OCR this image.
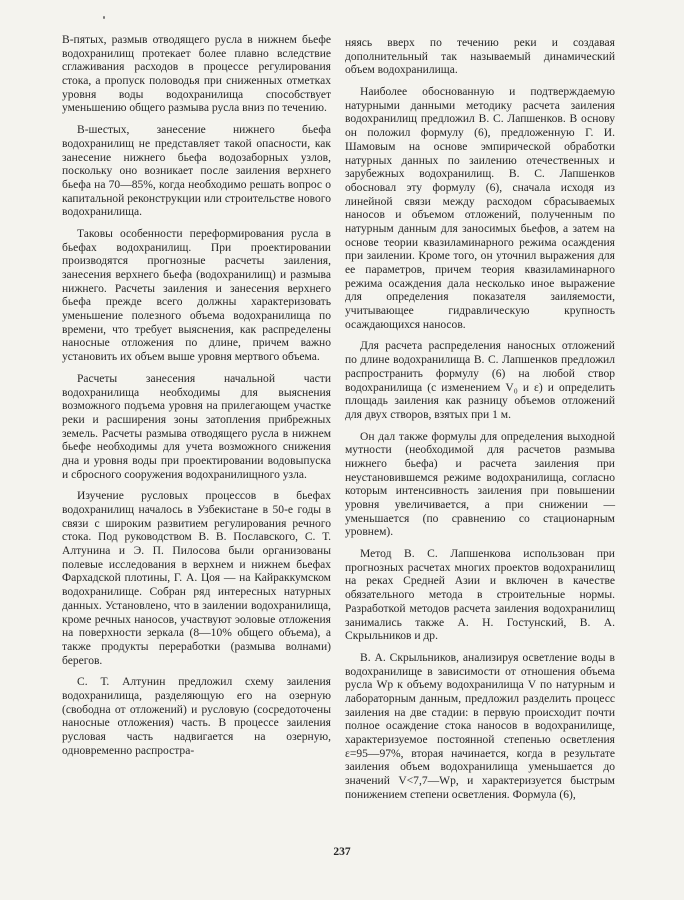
В-пятых, размыв отводящего русла в нижнем бьефе водохранилищ протекает более плавно вследствие сглаживания расходов в процессе регулирования стока, а пропуск половодья при сниженных отметках уровня воды водохранилища способствует уменьшению общего размыва русла вниз по течению.

В-шестых, занесение нижнего бьефа водохранилищ не представляет такой опасности, как занесение нижнего бьефа водозаборных узлов, поскольку оно возникает после заиления верхнего бьефа на 70—85%, когда необходимо решать вопрос о капитальной реконструкции или строительстве нового водохранилища.

Таковы особенности переформирования русла в бьефах водохранилищ. При проектировании производятся прогнозные расчеты заиления, занесения верхнего бьефа (водохранилищ) и размыва нижнего. Расчеты заиления и занесения верхнего бьефа прежде всего должны характеризовать уменьшение полезного объема водохранилища по времени, что требует выяснения, как распределены наносные отложения по длине, причем важно установить их объем выше уровня мертвого объема.

Расчеты занесения начальной части водохранилища необходимы для выяснения возможного подъема уровня на прилегающем участке реки и расширения зоны затопления прибрежных земель. Расчеты размыва отводящего русла в нижнем бьефе необходимы для учета возможного снижения дна и уровня воды при проектировании водовыпуска и сбросного сооружения водохранилищного узла.

Изучение русловых процессов в бьефах водохранилищ началось в Узбекистане в 50-е годы в связи с широким развитием регулирования речного стока. Под руководством В. В. Пославского, С. Т. Алтунина и Э. П. Пилосова были организованы полевые исследования в верхнем и нижнем бьефах Фархадской плотины, Г. А. Цоя — на Кайраккумском водохранилище. Собран ряд интересных натурных данных. Установлено, что в заилении водохранилища, кроме речных наносов, участвуют эоловые отложения на поверхности зеркала (8—10% общего объема), а также продукты переработки (размыва волнами) берегов.

С. Т. Алтунин предложил схему заиления водохранилища, разделяющую его на озерную (свободна от отложений) и русловую (сосредоточены наносные отложения) часть. В процессе заиления русловая часть надвигается на озерную, одновременно распростра-

няясь вверх по течению реки и создавая дополнительный так называемый динамический объем водохранилища.

Наиболее обоснованную и подтверждаемую натурными данными методику расчета заиления водохранилищ предложил В. С. Лапшенков. В основу он положил формулу (6), предложенную Г. И. Шамовым на основе эмпирической обработки натурных данных по заилению отечественных и зарубежных водохранилищ. В. С. Лапшенков обосновал эту формулу (6), сначала исходя из линейной связи между расходом сбрасываемых наносов и объемом отложений, полученным по натурным данным для заносимых бьефов, а затем на основе теории квазиламинарного режима осаждения при заилении. Кроме того, он уточнил выражения для ее параметров, причем теория квазиламинарного режима осаждения дала несколько иное выражение для определения показателя заиляемости, учитывающее гидравлическую крупность осаждающихся наносов.

Для расчета распределения наносных отложений по длине водохранилища В. С. Лапшенков предложил распространить формулу (6) на любой створ водохранилища (с изменением V₀ и ε) и определить площадь заиления как разницу объемов отложений для двух створов, взятых при 1 м.

Он дал также формулы для определения выходной мутности (необходимой для расчетов размыва нижнего бьефа) и расчета заиления при неустановившемся режиме водохранилища, согласно которым интенсивность заиления при повышении уровня увеличивается, а при снижении — уменьшается (по сравнению со стационарным уровнем).

Метод В. С. Лапшенкова использован при прогнозных расчетах многих проектов водохранилищ на реках Средней Азии и включен в качестве обязательного метода в строительные нормы. Разработкой методов расчета заиления водохранилищ занимались также А. Н. Гостунский, В. А. Скрыльников и др.

В. А. Скрыльников, анализируя осветление воды в водохранилище в зависимости от отношения объема русла Wр к объему водохранилища V по натурным и лабораторным данным, предложил разделить процесс заиления на две стадии: в первую происходит почти полное осаждение стока наносов в водохранилище, характеризуемое постоянной степенью осветления ε=95—97%, вторая начинается, когда в результате заиления объем водохранилища уменьшается до значений V<7,7—Wр, и характеризуется быстрым понижением степени осветления. Формула (6),

237
